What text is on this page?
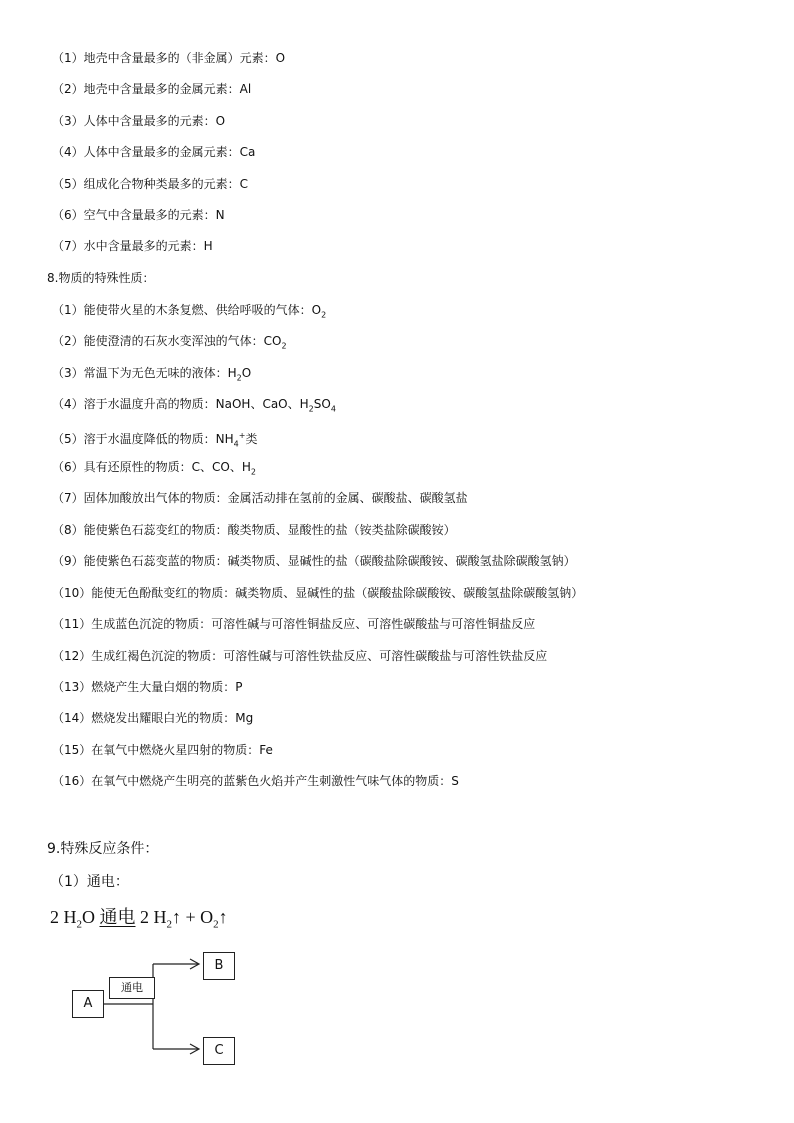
（1）地壳中含量最多的（非金属）元素：O
（2）地壳中含量最多的金属元素：Al
（3）人体中含量最多的元素：O
（4）人体中含量最多的金属元素：Ca
（5）组成化合物种类最多的元素：C
（6）空气中含量最多的元素：N
（7）水中含量最多的元素：H
8.物质的特殊性质：
（1）能使带火星的木条复燃、供给呼吸的气体：$O_2$
（2）能使澄清的石灰水变浑浊的气体：$CO_2$
（3）常温下为无色无味的液体：$H_2O$
（4）溶于水温度升高的物质：NaOH、CaO、$H_2SO_4$
（5）溶于水温度降低的物质：$NH_4^+$类
（6）具有还原性的物质：C、CO、$H_2$
（7）固体加酸放出气体的物质：金属活动排在氢前的金属、碳酸盐、碳酸氢盐
（8）能使紫色石蕊变红的物质：酸类物质、显酸性的盐（铵类盐除碳酸铵）
（9）能使紫色石蕊变蓝的物质：碱类物质、显碱性的盐（碳酸盐除碳酸铵、碳酸氢盐除碳酸氢钠）
（10）能使无色酚酞变红的物质：碱类物质、显碱性的盐（碳酸盐除碳酸铵、碳酸氢盐除碳酸氢钠）
（11）生成蓝色沉淀的物质：可溶性碱与可溶性铜盐反应、可溶性碳酸盐与可溶性铜盐反应
（12）生成红褐色沉淀的物质：可溶性碱与可溶性铁盐反应、可溶性碳酸盐与可溶性铁盐反应
（13）燃烧产生大量白烟的物质：P
（14）燃烧发出耀眼白光的物质：Mg
（15）在氧气中燃烧火星四射的物质：Fe
（16）在氧气中燃烧产生明亮的蓝紫色火焰并产生刺激性气味气体的物质：S
9.特殊反应条件：
（1）通电：
2 $H_2O$ 通电 2 $H_2↑$ + $O_2↑$
A
B
C
通电
